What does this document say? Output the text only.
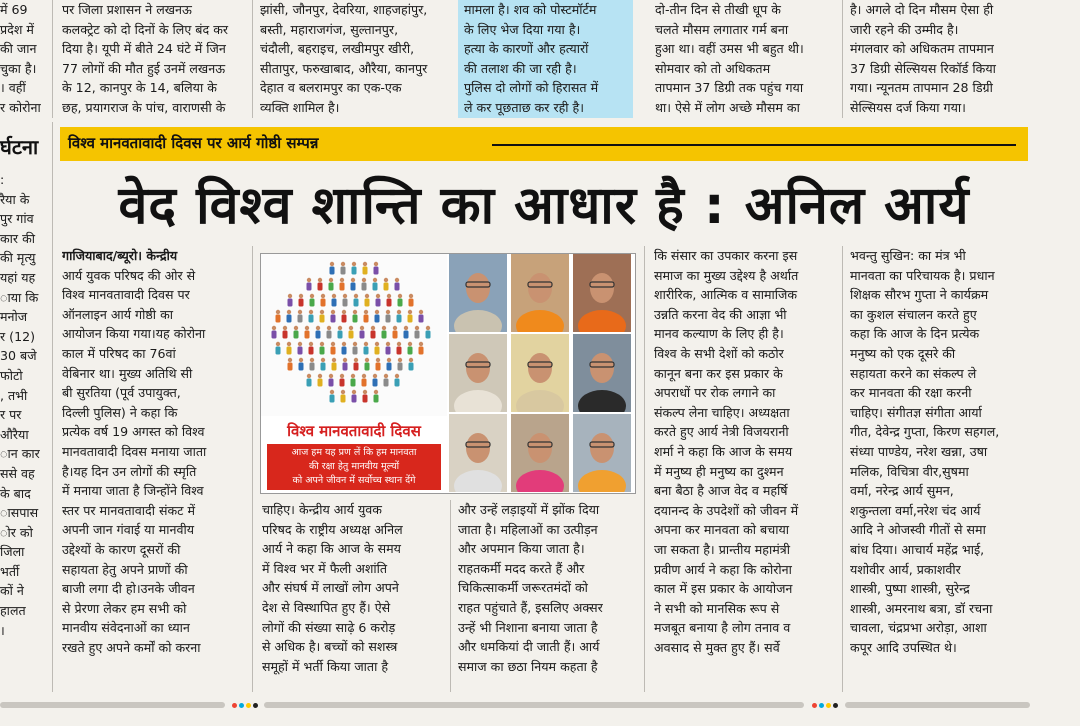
में 69
प्रदेश में
की जान
चुका है।
। वहीं
र कोरोना
पर जिला प्रशासन ने लखनऊ
कलक्ट्रेट को दो दिनों के लिए बंद कर
दिया है। यूपी में बीते 24 घंटे में जिन
77 लोगों की मौत हुई उनमें लखनऊ
के 12, कानपुर के 14, बलिया के
छह, प्रयागराज के पांच, वाराणसी के
झांसी, जौनपुर, देवरिया, शाहजहांपुर,
बस्ती, महाराजगंज, सुल्तानपुर,
चंदौली, बहराइच, लखीमपुर खीरी,
सीतापुर, फरुखाबाद, औरैया, कानपुर
देहात व बलरामपुर का एक-एक
व्यक्ति शामिल है।
मामला है। शव को पोस्टमॉर्टम
के लिए भेज दिया गया है।
हत्या के कारणों और हत्यारों
की तलाश की जा रही है।
पुलिस दो लोगों को हिरासत में
ले कर पूछताछ कर रही है।
दो-तीन दिन से तीखी धूप के
चलते मौसम लगातार गर्म बना
हुआ था। वहीं उमस भी बहुत थी।
सोमवार को तो अधिकतम
तापमान 37 डिग्री तक पहुंच गया
था। ऐसे में लोग अच्छे मौसम का
है। अगले दो दिन मौसम ऐसा ही
जारी रहने की उम्मीद है।
मंगलवार को अधिकतम तापमान
37 डिग्री सेल्सियस रिकॉर्ड किया
गया। न्यूनतम तापमान 28 डिग्री
सेल्सियस दर्ज किया गया।
र्घटना
:
रैया के
पुर गांव
कार की
की मृत्यु
यहां यह
ाया कि
मनोज
र (12)
30 बजे
फोटो
, तभी
र पर
औरैया
ान कार
ससे वह
के बाद
ासपास
ोर को
जिला
भर्ती
कों ने
हालत
।
विश्व मानवतावादी दिवस पर आर्य गोष्ठी सम्पन्न
वेद विश्व शान्ति का आधार है : अनिल आर्य
गाजियाबाद/ब्यूरो। केन्द्रीय
आर्य युवक परिषद की ओर से
विश्व मानवतावादी दिवस पर
ऑनलाइन आर्य गोष्ठी का
आयोजन किया गया।यह कोरोना
काल में परिषद का 76वां
वेबिनार था। मुख्य अतिथि सी
बी सुरतिया (पूर्व उपायुक्त,
दिल्ली पुलिस) ने कहा कि
प्रत्येक वर्ष 19 अगस्त को विश्व
मानवतावादी दिवस मनाया जाता
है।यह दिन उन लोगों की स्मृति
में मनाया जाता है जिन्होंने विश्व
स्तर पर मानवतावादी संकट में
अपनी जान गंवाई या मानवीय
उद्देश्यों के कारण दूसरों की
सहायता हेतु अपने प्राणों की
बाजी लगा दी हो।उनके जीवन
से प्रेरणा लेकर हम सभी को
मानवीय संवेदनाओं का ध्यान
रखते हुए अपने कर्मों को करना
विश्व मानवतावादी दिवस
आज हम यह प्रण लें कि हम मानवता
की रक्षा हेतु मानवीय मूल्यों
को अपने जीवन में सर्वोच्च स्थान देंगे
चाहिए। केन्द्रीय आर्य युवक
परिषद के राष्ट्रीय अध्यक्ष अनिल
आर्य ने कहा कि आज के समय
में विश्व भर में फैली अशांति
और संघर्ष में लाखों लोग अपने
देश से विस्थापित हुए हैं। ऐसे
लोगों की संख्या साढ़े 6 करोड़
से अधिक है। बच्चों को सशस्त्र
समूहों में भर्ती किया जाता है
और उन्हें लड़ाइयों में झोंक दिया
जाता है। महिलाओं का उत्पीड़न
और अपमान किया जाता है।
राहतकर्मी मदद करते हैं और
चिकित्साकर्मी जरूरतमंदों को
राहत पहुंचाते हैं, इसलिए अक्सर
उन्हें भी निशाना बनाया जाता है
और धमकियां दी जाती हैं। आर्य
समाज का छठा नियम कहता है
कि संसार का उपकार करना इस
समाज का मुख्य उद्देश्य है अर्थात
शारीरिक, आत्मिक व सामाजिक
उन्नति करना वेद की आज्ञा भी
मानव कल्याण के लिए ही है।
विश्व के सभी देशों को कठोर
कानून बना कर इस प्रकार के
अपराधों पर रोक लगाने का
संकल्प लेना चाहिए। अध्यक्षता
करते हुए आर्य नेत्री विजयरानी
शर्मा ने कहा कि आज के समय
में मनुष्य ही मनुष्य का दुश्मन
बना बैठा है आज वेद व महर्षि
दयानन्द के उपदेशों को जीवन में
अपना कर मानवता को बचाया
जा सकता है। प्रान्तीय महामंत्री
प्रवीण आर्य ने कहा कि कोरोना
काल में इस प्रकार के आयोजन
ने सभी को मानसिक रूप से
मजबूत बनाया है लोग तनाव व
अवसाद से मुक्त हुए हैं। सर्वे
भवन्तु सुखिन: का मंत्र भी
मानवता का परिचायक है। प्रधान
शिक्षक सौरभ गुप्ता ने कार्यक्रम
का कुशल संचालन करते हुए
कहा कि आज के दिन प्रत्येक
मनुष्य को एक दूसरे की
सहायता करने का संकल्प ले
कर मानवता की रक्षा करनी
चाहिए। संगीतज्ञ संगीता आर्या
गीत, देवेन्द्र गुप्ता, किरण सहगल,
संध्या पाण्डेय, नरेश खन्ना, उषा
मलिक, विचित्रा वीर,सुषमा
वर्मा, नरेन्द्र आर्य सुमन,
शकुन्तला वर्मा,नरेश चंद आर्य
आदि ने ओजस्वी गीतों से समा
बांध दिया। आचार्य महेंद्र भाई,
यशोवीर आर्य, प्रकाशवीर
शास्त्री, पुष्पा शास्त्री, सुरेन्द्र
शास्त्री, अमरनाथ बत्रा, डॉ रचना
चावला, चंद्रप्रभा अरोड़ा, आशा
कपूर आदि उपस्थित थे।
